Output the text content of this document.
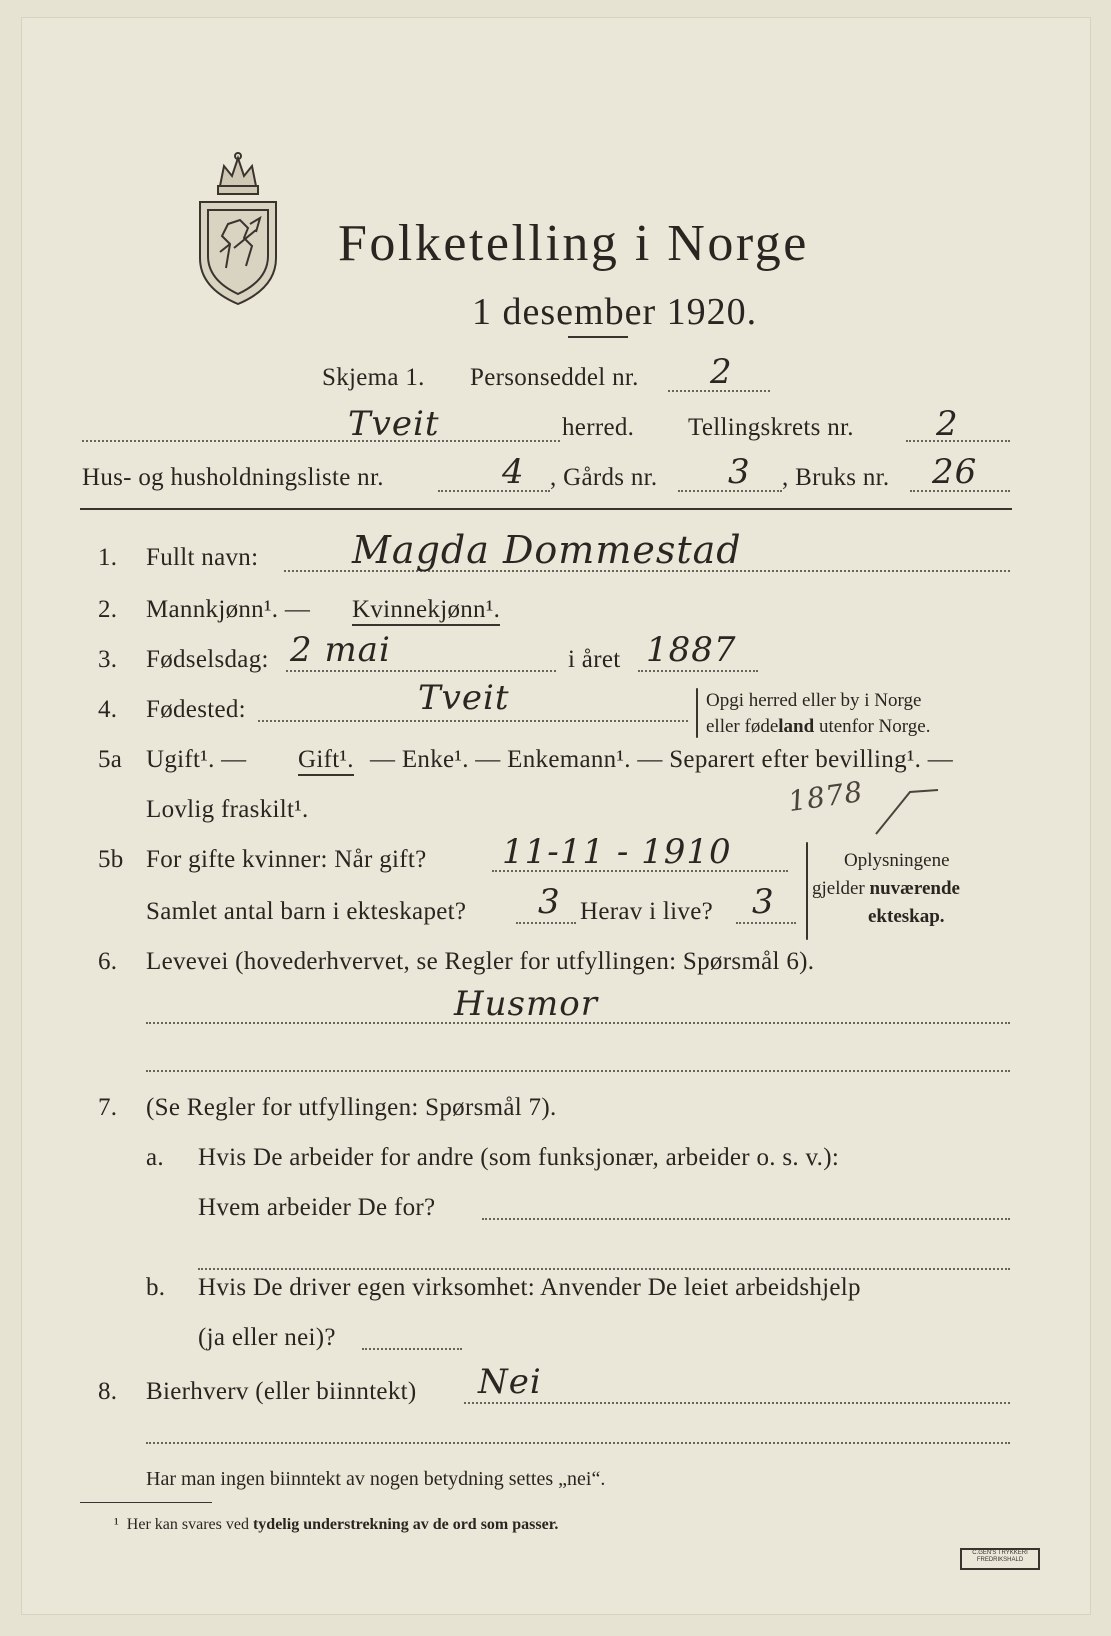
Folketelling i Norge
1 desember 1920.
Skjema 1. Personseddel nr. 2
Tveit	herred. Tellingskrets nr. 2
Hus- og husholdningsliste nr.	4 , Gårds nr. 3 , Bruks nr. 26
1. Fullt navn: Magda Dommestad
2. Mannkjønn¹. — Kvinnekjønn¹.
3. Fødselsdag: 2 mai	i året 1887
4. Fødested:	Tveit	Opgi herred eller by i Norge
eller fødeland utenfor Norge.
5a Ugift¹. — Gift¹. — Enke¹. — Enkemann¹. — Separert efter bevilling¹. —
Lovlig fraskilt¹.	1878
5b For gifte kvinner: Når gift? 11-11 - 1910
Samlet antal barn i ekteskapet? 3 Herav i live? 3
Oplysningene
gjelder nuværende
ekteskap.
6. Levevei (hovederhvervet, se Regler for utfyllingen: Spørsmål 6).
Husmor
7. (Se Regler for utfyllingen: Spørsmål 7).
a. Hvis De arbeider for andre (som funksjonær, arbeider o. s. v.):
Hvem arbeider De for?
b. Hvis De driver egen virksomhet: Anvender De leiet arbeidshjelp
(ja eller nei)?
8. Bierhverv (eller biinntekt) Nei
Har man ingen biinntekt av nogen betydning settes „nei“.
¹ Her kan svares ved tydelig understrekning av de ord som passer.
C.GEN'S TRYKKERI FREDRIKSHALD
